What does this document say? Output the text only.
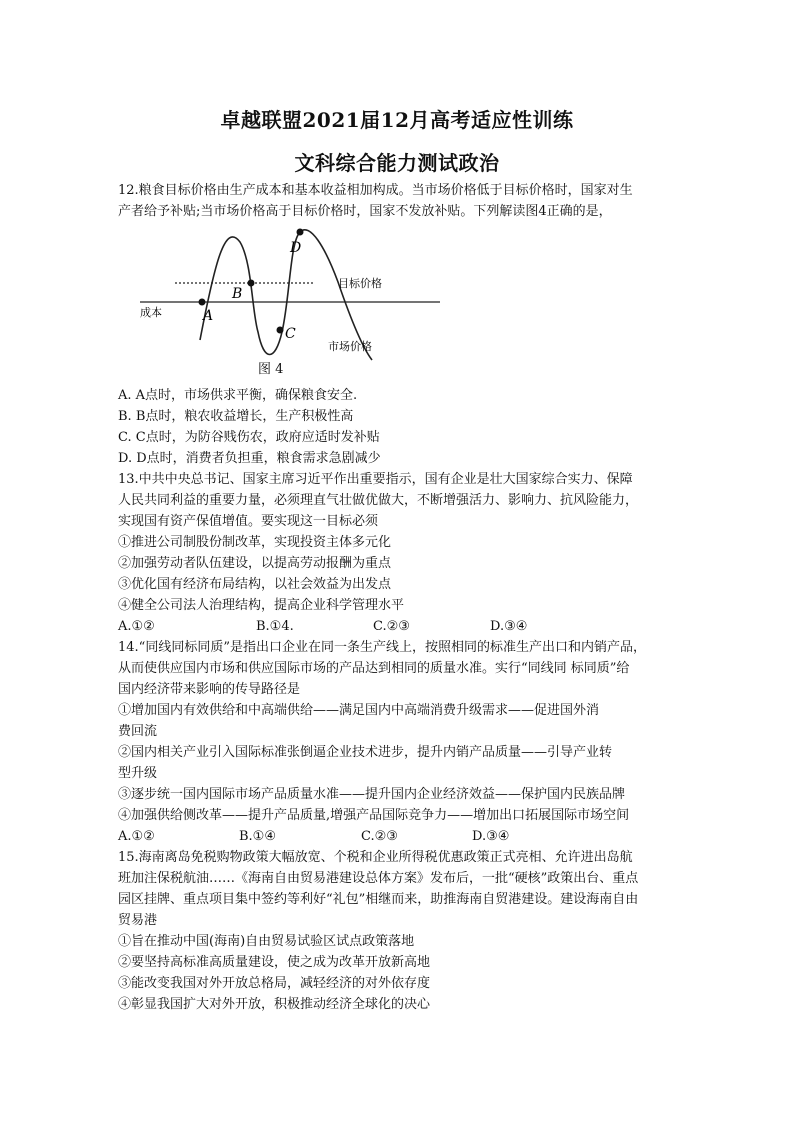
卓越联盟2021届12月高考适应性训练
文科综合能力测试政治
12.粮食目标价格由生产成本和基本收益相加构成。当市场价格低于目标价格时，国家对生
产者给予补贴;当市场价格高于目标价格时，国家不发放补贴。下列解读图4正确的是，
成本
目标价格
市场价格
A
B
C
D
图 4
A. A点时，市场供求平衡，确保粮食安全.
B. B点时，粮农收益增长，生产积极性高
C. C点时，为防谷贱伤农，政府应适时发补贴
D. D点时，消费者负担重，粮食需求急剧减少
13.中共中央总书记、国家主席习近平作出重要指示，国有企业是壮大国家综合实力、保障
人民共同利益的重要力量，必须理直气壮做优做大，不断增强活力、影响力、抗风险能力，
实现国有资产保值增值。要实现这一目标必须
①推进公司制股份制改革，实现投资主体多元化
②加强劳动者队伍建设，以提高劳动报酬为重点
③优化国有经济布局结构，以社会效益为出发点
④健全公司法人治理结构，提高企业科学管理水平
A.①②	B.①4.	C.②③	D.③④
14.“同线同标同质”是指出口企业在同一条生产线上，按照相同的标准生产出口和内销产品，
从而使供应国内市场和供应国际市场的产品达到相同的质量水准。实行“同线同 标同质”给
国内经济带来影响的传导路径是
①增加国内有效供给和中高端供给——满足国内中高端消费升级需求——促进国外消
费回流
②国内相关产业引入国际标准张倒逼企业技术进步，提升内销产品质量——引导产业转
型升级
③逐步统一国内国际市场产品质量水准——提升国内企业经济效益——保护国内民族品牌
④加强供给侧改革——提升产品质量,增强产品国际竞争力——增加出口拓展国际市场空间
A.①②	B.①④	C.②③	D.③④
15.海南离岛免税购物政策大幅放宽、个税和企业所得税优惠政策正式亮相、允许进出岛航
班加注保税航油……《海南自由贸易港建设总体方案》发布后，一批“硬核”政策出台、重点
园区挂牌、重点项目集中签约等利好“礼包”相继而来，助推海南自贸港建设。建设海南自由
贸易港
①旨在推动中国(海南)自由贸易试验区试点政策落地
②要坚持高标准高质量建设，使之成为改革开放新高地
③能改变我国对外开放总格局，减轻经济的对外依存度
④彰显我国扩大对外开放，积极推动经济全球化的决心
